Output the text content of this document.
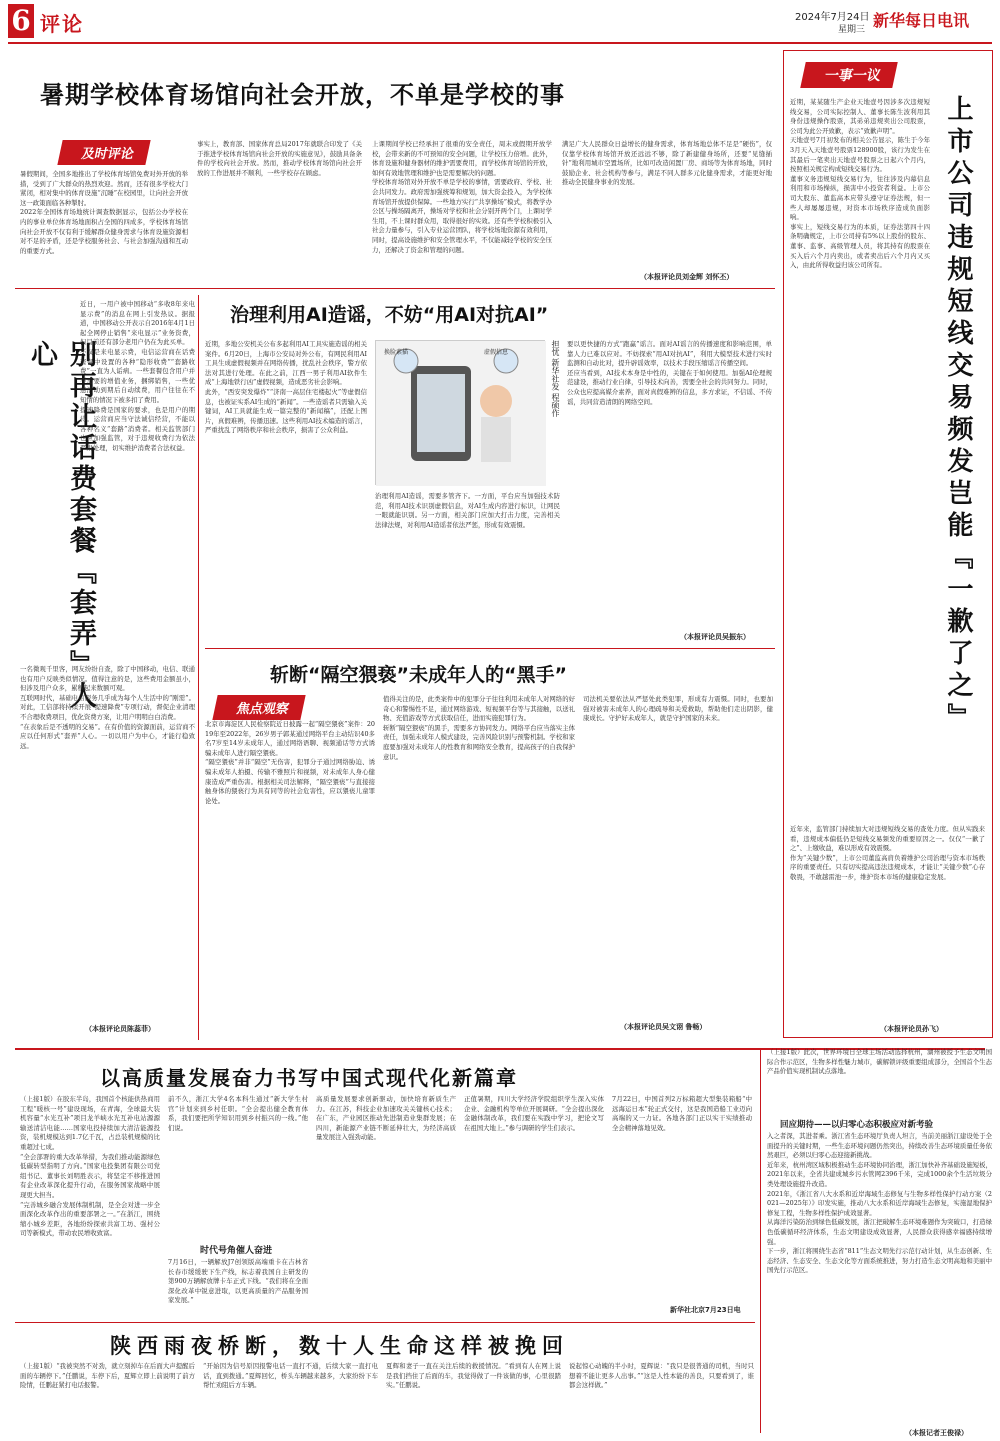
6 评论	2024年7月24日
星期三 新华每日电讯
暑期学校体育场馆向社会开放，不单是学校的事
及时评论
暑假期间，全国多地推出了学校体育场馆免费对外开放的举措，受到了广大群众的热烈欢迎。然而，还有很多学校大门紧闭，相对集中的体育设施“沉睡”在校园里，让向社会开放这一政策面临各种掣肘。
2022年全国体育场地统计调查数据显示，包括公办学校在内的事业单位体育场地面积占全国的四成多，学校体育场馆向社会开放不仅有利于缓解群众健身需求与体育设施资源相对不足的矛盾，还是学校服务社会、与社会加强沟通和互动的重要方式。
事实上，教育部、国家体育总局2017年就联合印发了《关于推进学校体育场馆向社会开放的实施意见》，鼓励具备条件的学校向社会开放。然而，推动学校体育场馆向社会开放的工作进展并不顺利，一些学校存在顾虑。
上课期间学校已经承担了很重的安全责任，周末或假期开放学校，会带来新的不可预知的安全问题，让学校压力倍增。此外，体育设施和健身器材的维护需要费用，而学校体育场馆的开放，如何有效地管理和维护也是需要解决的问题。
学校体育场馆对外开放不单是学校的事情，需要政府、学校、社会共同发力。政府需加强统筹和规划，加大资金投入，为学校体育场馆开放提供保障。一些地方实行“共享操场”模式，将教学办公区与操场隔离开，操场对学校和社会分别开两个门，上课时学生用，不上课时群众用，取得很好的实效。还有些学校积极引入社会力量参与，引入专业运营团队，将学校场地资源有效利用，同时，提高设施维护和安全管理水平，不仅能减轻学校的安全压力，还解决了资金和管理的问题。
满足广大人民群众日益增长的健身需求，体育场地总体不足是“硬伤”，仅仅靠学校体育场馆开放还远远不够，除了新建健身场所，还要“见缝插针”地利用城市空置场所，比如可改造闲置厂房、商场等为体育场地，同时鼓励企业、社会机构等参与，满足不同人群多元化健身需求，才能更好地推动全民健身事业的发展。
（本报评论员刘金辉 刘怀丕）
别再让话费套餐『套弄』人心
近日，一用户被中国移动“多收8年来电显示费”的消息在网上引发热议。据报道，中国移动公开表示自2016年4月1日起全网停止销售“来电显示”业务资费，但目前还有部分老用户仍在为此买单。
不仅是来电显示费，电信运营商在话费套餐中设置的各种“隐形收费”“套路收费”一直为人诟病。一些套餐包含用户并不需要的增值业务，捆绑销售，一些优惠活动到期后自动续费，用户往往在不知情的情况下被多扣了费用。
提速降费是国家的要求，也是用户的期待。运营商应当守法诚信经营，不能以各种名义“套路”消费者。相关监管部门也应加强监管，对于违规收费行为依法严肃处理，切实维护消费者合法权益。
一名微观千里客，网友纷纷自查，除了中国移动，电信、联通也有用户反映类似情况。值得注意的是，这些费用金额虽小，但涉及用户众多，累积起来数额可观。
互联网时代，基础电信服务几乎成为每个人生活中的“刚需”。对此，工信部将持续开展“提速降费”专项行动，督促企业清理不合理收费项目，优化资费方案，让用户明明白白消费。
“在表象后是不透明的交易”。在有价值的资源面前，运营商不应以任何形式“套弄”人心。一切以用户为中心，才能行稳致远。
（本报评论员陈蕊菲）
治理利用AI造谣，不妨“用AI对抗AI”
近期，多地公安机关公布多起利用AI工具实施造谣的相关案件。6月20日，上海市公安局对外公布，有网民利用AI工具生成虚假视频并在网络传播，扰乱社会秩序，警方依法对其进行处理。在此之前，江西一男子利用AI软件生成“上海地铁行凶”虚假视频，造成恶劣社会影响。
此外，“西安突发爆炸”“济南一高层住宅楼起火”等虚假信息，也被证实系AI生成的“新闻”。一些造谣者只需输入关键词，AI工具就能生成一篇完整的“新闻稿”，还配上图片，真假难辨，传播迅速。这些利用AI技术编造的谣言，严重扰乱了网络秩序和社会秩序，损害了公众利益。
换脸素描	虚假信息	担忧 新华社发 程硕作
治理利用AI造谣，需要多管齐下。一方面，平台应当加强技术防范，利用AI技术识别虚假信息，对AI生成内容进行标识，让网民一眼就能识别。另一方面，相关部门应加大打击力度，完善相关法律法规，对利用AI造谣者依法严惩，形成有效震慑。
要以更快捷的方式“跑赢”谣言。面对AI谣言的传播速度和影响范围，单靠人力已难以应对。不妨探索“用AI对抗AI”，利用大模型技术进行实时监测和自动比对，提升辟谣效率，以技术手段压缩谣言传播空间。
还应当看到，AI技术本身是中性的，关键在于如何使用。加强AI伦理规范建设，推动行业自律，引导技术向善，需要全社会的共同努力。同时，公众也应提高媒介素养，面对真假难辨的信息，多方求证，不信谣、不传谣，共同营造清朗的网络空间。
（本报评论员吴振东）
斩断“隔空猥亵”未成年人的“黑手”
焦点观察
北京市海淀区人民检察院近日披露一起“隔空猥亵”案件：2019年至2022年，26岁男子郭某通过网络平台主动结识40多名7岁至14岁未成年人，通过网络语聊、视频通话等方式诱骗未成年人进行隔空猥亵。
“隔空猥亵”并非“隔空”无伤害，犯罪分子通过网络胁迫、诱骗未成年人拍摄、传输不雅照片和视频，对未成年人身心健康造成严重伤害。根据相关司法解释，“隔空猥亵”与直接接触身体的猥亵行为具有同等的社会危害性，应以猥亵儿童罪论处。
值得关注的是，此类案件中的犯罪分子往往利用未成年人对网络的好奇心和警惕性不足，通过网络游戏、短视频平台等与其接触，以送礼物、充值游戏等方式获取信任，进而实施犯罪行为。
斩断“隔空猥亵”的黑手，需要多方协同发力。网络平台应当落实主体责任，加强未成年人模式建设，完善风险识别与预警机制。学校和家庭要加强对未成年人的性教育和网络安全教育，提高孩子的自我保护意识。
司法机关要依法从严惩处此类犯罪，形成有力震慑。同时，也要加强对被害未成年人的心理疏导和关爱救助，帮助他们走出阴影，健康成长。守护好未成年人，就是守护国家的未来。
（本报评论员吴文诩 鲁畅）
一事一议
上市公司违规短线交易频发岂能『一歉了之』
近期，某某随生产企业天地壹号因涉多次违规短线交易，公司实际控制人、董事长陈生波利用其身份违规操作股票，其弟弟违规卖出公司股票，公司为此公开致歉，表示“致歉声明”。
天地壹号7月初发布的相关公告显示，陈生于今年3月天入天地壹号股票128900股，该行为发生在其最后一笔卖出天地壹号股票之日起六个月内，按照相关规定构成短线交易行为。
董事义务违规短线交易行为，往往涉及内幕信息利用和市场操纵，损害中小投资者利益。上市公司大股东、董监高本应带头遵守证券法规，但一些人却屡屡违规，对资本市场秩序造成负面影响。
事实上，短线交易行为的本质，证券法第四十四条明确规定，上市公司持有5%以上股份的股东、董事、监事、高级管理人员，将其持有的股票在买入后六个月内卖出，或者卖出后六个月内又买入，由此所得收益归该公司所有。
近年来，监管部门持续加大对违规短线交易的查处力度。但从实践来看，违规成本偏低仍是短线交易频发的重要原因之一。仅仅“一歉了之”、上缴收益，难以形成有效震慑。
作为“关键少数”，上市公司董监高肩负着维护公司治理与资本市场秩序的重要责任。只有切实提高违法违规成本，才能让“关键少数”心存敬畏，不敢越雷池一步，维护资本市场的健康稳定发展。
（本报评论员孙飞）
以高质量发展奋力书写中国式现代化新篇章
（上接1版）在胶东半岛，我国首个核能供热商用工程“暖核一号”建设现场，在青海，全球最大装机容量“水光互补”项目龙羊峡水光互补电站源源输送清洁电能……国家电投持续加大清洁能源投资，装机规模达到1.7亿千瓦，占总装机规模的比重超过七成。
“全会部署的重大改革举措，为我们推动能源绿色低碳转型指明了方向。”国家电投集团有限公司党组书记、董事长刘明胜表示，将坚定不移推进国有企业改革深化提升行动，在服务国家战略中展现更大担当。
“完善城乡融合发展体制机制，是全会对进一步全面深化改革作出的重要部署之一。”在浙江，围绕缩小城乡差距，各地纷纷探索共富工坊、强村公司等新模式，带动农民增收致富。
前不久，浙江大学4名本科生通过“新大学生村官”计划来到乡村任职。“全会提出健全教育体系，我们要把所学知识用到乡村振兴的一线。”他们说。
时代号角催人奋进
7月16日，一辆解放J7创领版高端重卡在吉林省长春市缓缓驶下生产线，标志着我国自主研发的第900万辆解放牌卡车正式下线。“我们将在全面深化改革中锐意进取，以更高质量的产品服务国家发展。”
高质量发展要求创新驱动，加快培育新质生产力。在江苏，科技企业加速攻关关键核心技术；在广东，产业园区推动先进制造业集群发展；在四川，新能源产业链不断延伸壮大，为经济高质量发展注入强劲动能。
正值暑期，四川大学经济学院组织学生深入实体企业、金融机构等单位开展调研。“全会提出深化金融体制改革，我们要在实践中学习，把论文写在祖国大地上。”参与调研的学生们表示。
7月22日，中国首列2万标箱超大型集装箱船“中远海运日本”轮正式交付，这是我国造船工业迈向高端的又一力证。各地各部门正以实干实绩推动全会精神落地见效。
新华社北京7月23日电
（上接1版）此次，世界环境日全球主场活动选择杭州，湖州被授予生态文明国际合作示范区，生物多样性魅力城市，碳解锁评级重要组成部分，全国首个生态产品价值实现机制试点落地。
回应期待——以归零心态积极应对新考验
入之者深，其进者乘。浙江省生态环境厅负责人坦言，当前美丽浙江建设处于全面提升的关键时期，一些生态环境问题仍然突出，持续改善生态环境质量任务依然艰巨，必须以归零心态迎接新挑战。
近年来，杭州湾区域积极推动生态环境协同治理，浙江加快补齐基础设施短板，2021年以来，全省共建成城乡污水管网2396千米，完成1000余个生活垃圾分类处理设施提升改造。
2021年，《浙江省八大水系和近岸海域生态修复与生物多样性保护行动方案（2021—2025年）》印发实施，推动八大水系和近岸海域生态修复，实施湿地保护修复工程，生物多样性保护成效显著。
从海洋污染防治到绿色低碳发展，浙江把破解生态环境难题作为突破口，打造绿色低碳循环经济体系，生态文明建设成效显著，人民群众获得感幸福感持续增强。
下一步，浙江将围绕生态省“811”生态文明先行示范行动计划，从生态创新、生态经济、生态安全、生态文化等方面系统推进，努力打造生态文明高地和美丽中国先行示范区。
（本报记者王俊禄）
陕西雨夜桥断，数十人生命这样被挽回
（上接1版）“我被突然不对劲，就立刻掉车在后面大声提醒后面的车辆停下。”任鹏说，车停下后，夏辉立即上前说明了前方险情，任鹏赶紧打电话报警。
“开始因为信号原因报警电话一直打不通，后续大家一直打电话，直到拨通。”夏辉回忆，桥头车辆越来越多，大家纷纷下车帮忙劝阻后方车辆。
夏辉和妻子一直在关注后续的救援情况。“看到有人在网上说是我们挡住了后面的车，我觉得做了一件该做的事，心里很踏实。”任鹏说。
说起惊心动魄的半小时，夏辉说：“我只是很普通的司机，当时只想着不能让更多人出事。”“这是人性本能的善良，只要看到了，谁都会这样做。”
